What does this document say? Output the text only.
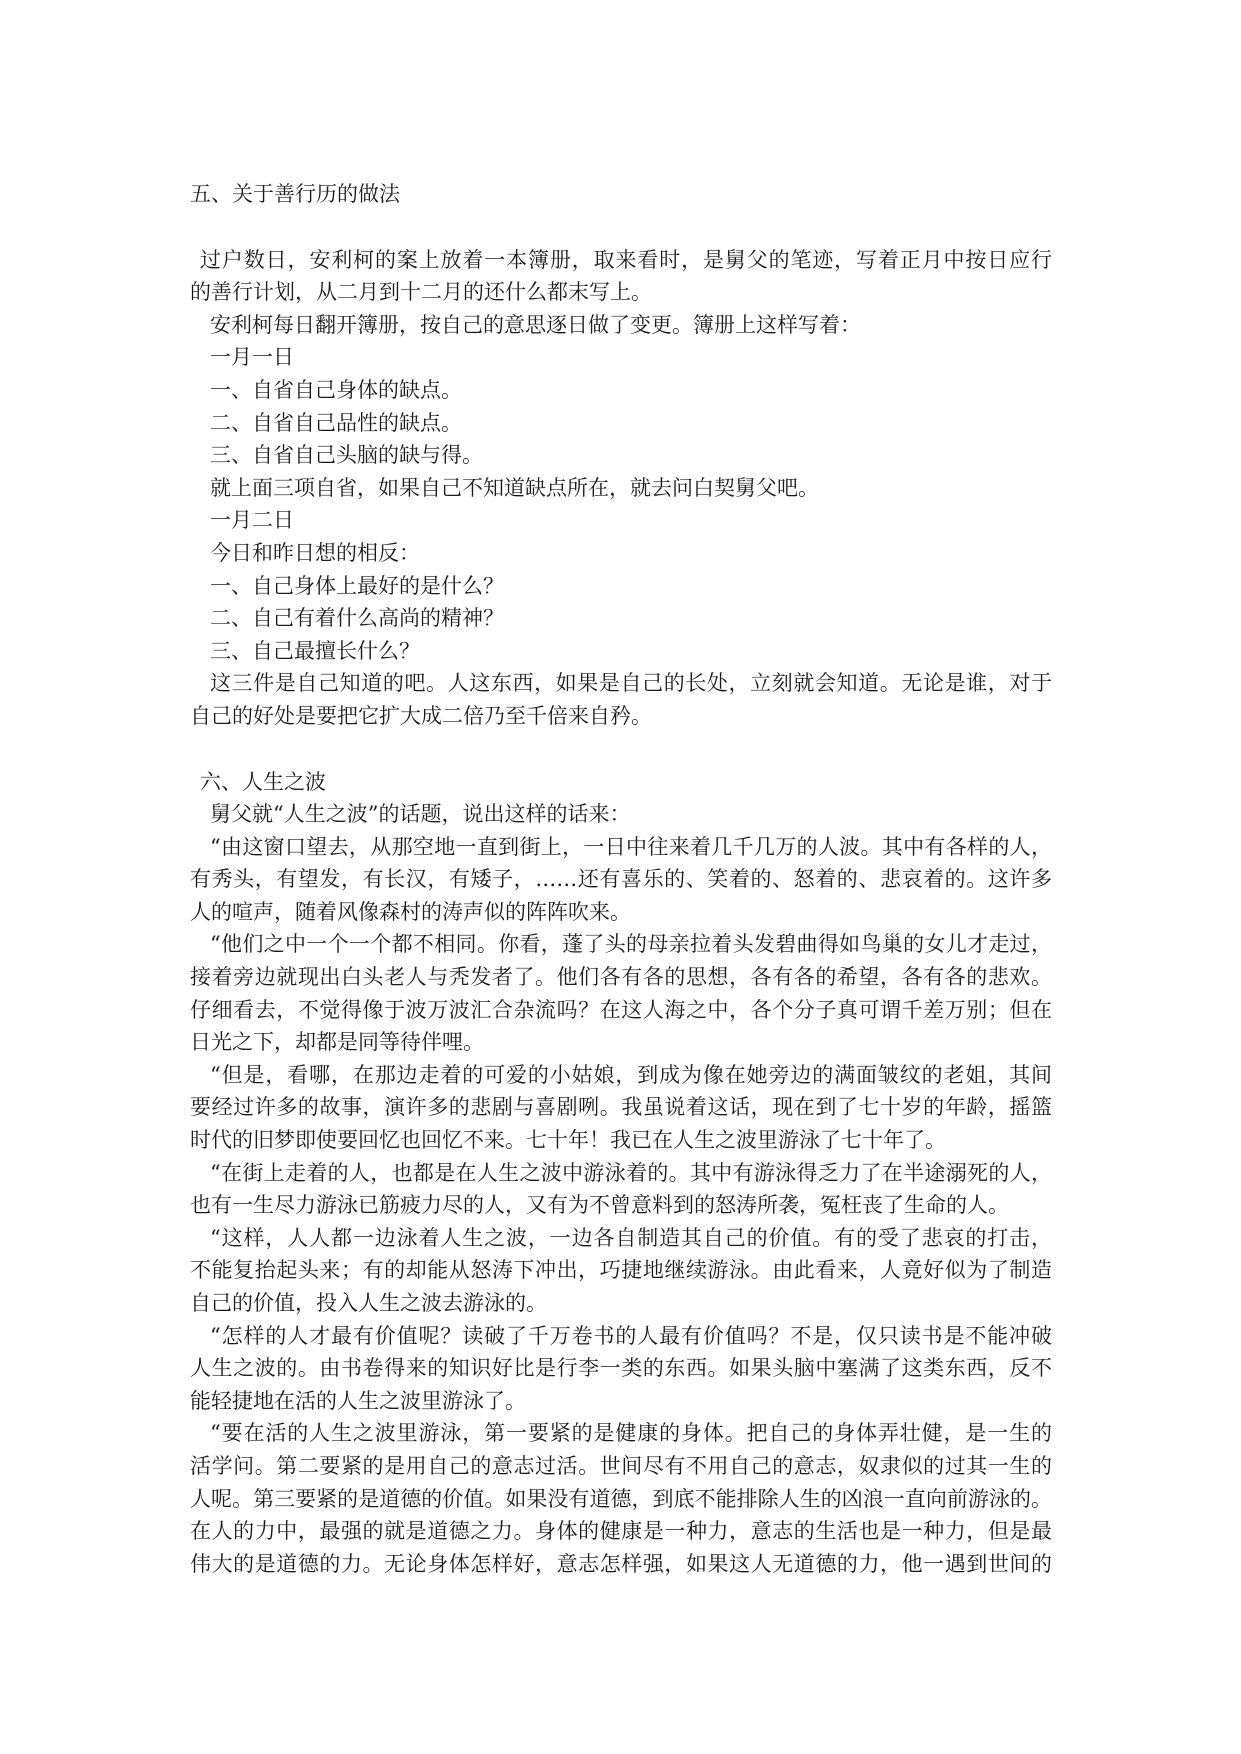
五、关于善行历的做法
过户数日，安利柯的案上放着一本簿册，取来看时，是舅父的笔迹，写着正月中按日应行
的善行计划，从二月到十二月的还什么都末写上。
安利柯每日翻开簿册，按自己的意思逐日做了变更。簿册上这样写着：
一月一日
一、自省自己身体的缺点。
二、自省自己品性的缺点。
三、自省自己头脑的缺与得。
就上面三项自省，如果自己不知道缺点所在，就去问白契舅父吧。
一月二日
今日和昨日想的相反：
一、自己身体上最好的是什么？
二、自己有着什么高尚的精神？
三、自己最擅长什么？
这三件是自己知道的吧。人这东西，如果是自己的长处，立刻就会知道。无论是谁，对于
自己的好处是要把它扩大成二倍乃至千倍来自矜。
六、人生之波
舅父就“人生之波”的话题，说出这样的话来：
“由这窗口望去，从那空地一直到街上，一日中往来着几千几万的人波。其中有各样的人，
有秀头，有望发，有长汉，有矮子，……还有喜乐的、笑着的、怒着的、悲哀着的。这许多
人的喧声，随着风像森村的涛声似的阵阵吹来。
“他们之中一个一个都不相同。你看，蓬了头的母亲拉着头发碧曲得如鸟巢的女儿才走过，
接着旁边就现出白头老人与秃发者了。他们各有各的思想，各有各的希望，各有各的悲欢。
仔细看去，不觉得像于波万波汇合杂流吗？在这人海之中，各个分子真可谓千差万别；但在
日光之下，却都是同等待伴哩。
“但是，看哪，在那边走着的可爱的小姑娘，到成为像在她旁边的满面皱纹的老姐，其间
要经过许多的故事，演许多的悲剧与喜剧咧。我虽说着这话，现在到了七十岁的年龄，摇篮
时代的旧梦即使要回忆也回忆不来。七十年！我已在人生之波里游泳了七十年了。
“在街上走着的人，也都是在人生之波中游泳着的。其中有游泳得乏力了在半途溺死的人，
也有一生尽力游泳已筋疲力尽的人，又有为不曾意料到的怒涛所袭，冤枉丧了生命的人。
“这样，人人都一边泳着人生之波，一边各自制造其自己的价值。有的受了悲哀的打击，
不能复抬起头来；有的却能从怒涛下冲出，巧捷地继续游泳。由此看来，人竟好似为了制造
自己的价值，投入人生之波去游泳的。
“怎样的人才最有价值呢？读破了千万卷书的人最有价值吗？不是，仅只读书是不能冲破
人生之波的。由书卷得来的知识好比是行李一类的东西。如果头脑中塞满了这类东西，反不
能轻捷地在活的人生之波里游泳了。
“要在活的人生之波里游泳，第一要紧的是健康的身体。把自己的身体弄壮健，是一生的
活学问。第二要紧的是用自己的意志过活。世间尽有不用自己的意志，奴隶似的过其一生的
人呢。第三要紧的是道德的价值。如果没有道德，到底不能排除人生的凶浪一直向前游泳的。
在人的力中，最强的就是道德之力。身体的健康是一种力，意志的生活也是一种力，但是最
伟大的是道德的力。无论身体怎样好，意志怎样强，如果这人无道德的力，他一遇到世间的
